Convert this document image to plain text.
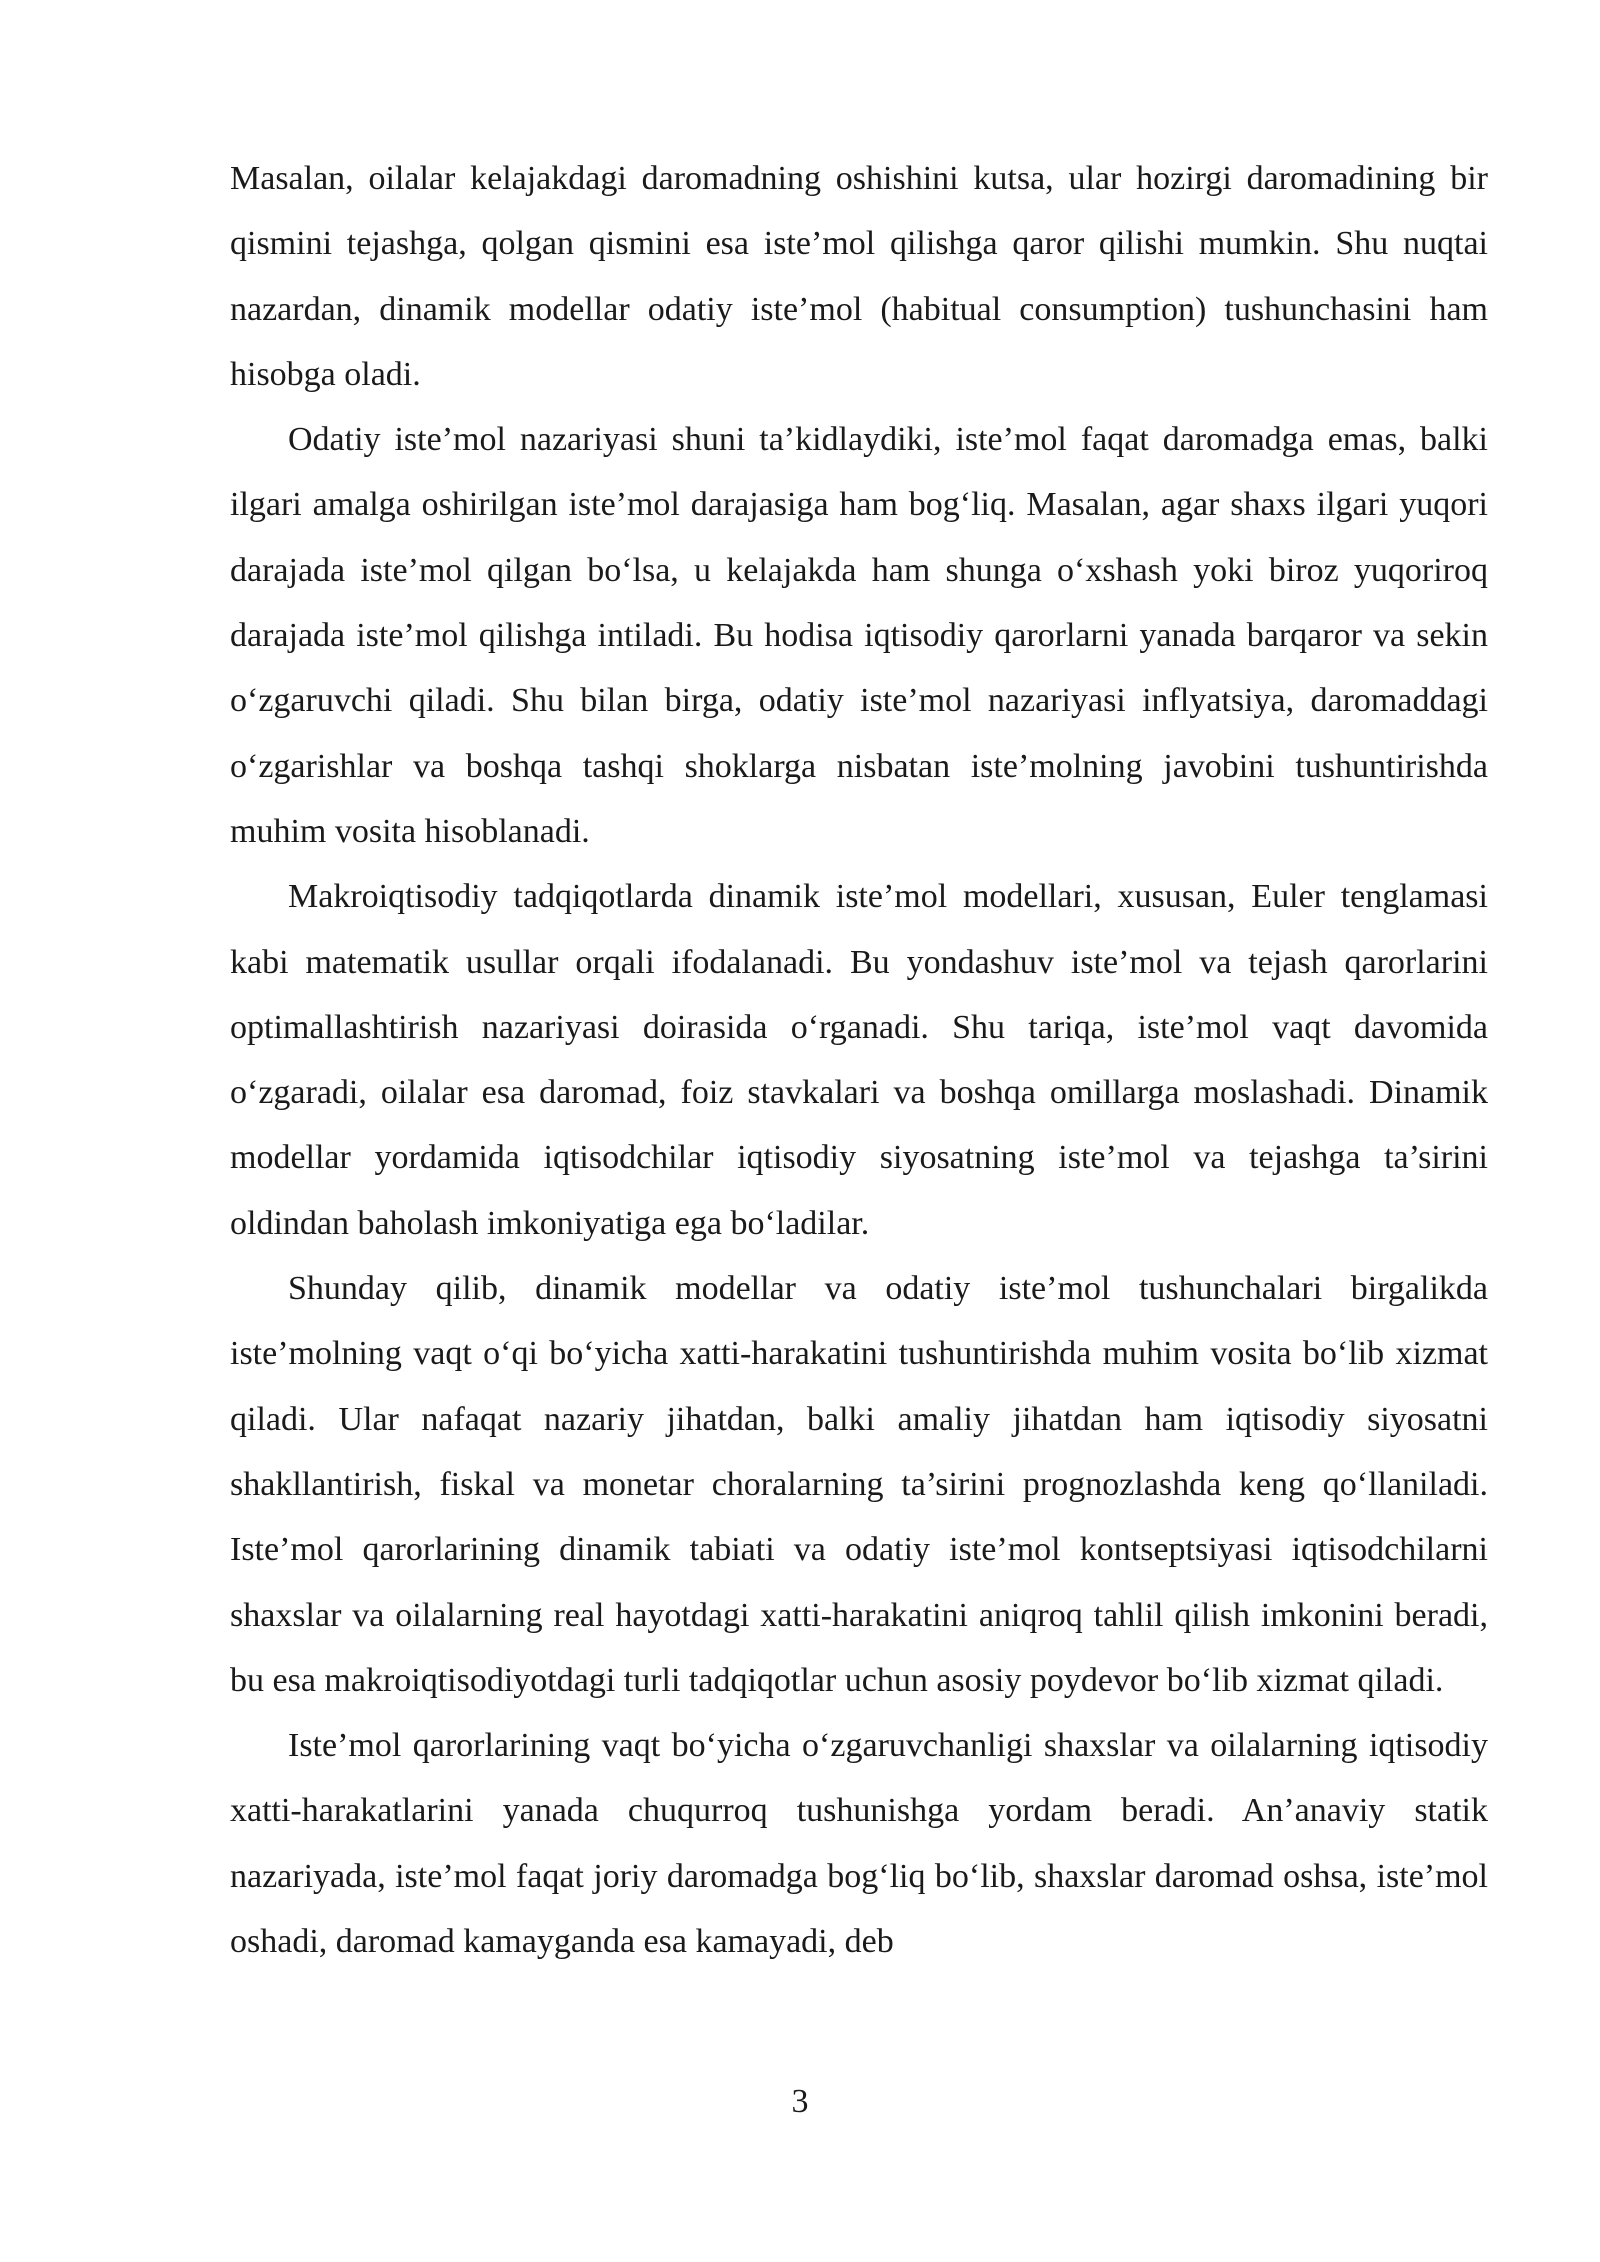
Masalan, oilalar kelajakdagi daromadning oshishini kutsa, ular hozirgi daromadining bir qismini tejashga, qolgan qismini esa iste’mol qilishga qaror qilishi mumkin. Shu nuqtai nazardan, dinamik modellar odatiy iste’mol (habitual consumption) tushunchasini ham hisobga oladi.

Odatiy iste’mol nazariyasi shuni ta’kidlaydiki, iste’mol faqat daromadga emas, balki ilgari amalga oshirilgan iste’mol darajasiga ham bog‘liq. Masalan, agar shaxs ilgari yuqori darajada iste’mol qilgan bo‘lsa, u kelajakda ham shunga o‘xshash yoki biroz yuqoriroq darajada iste’mol qilishga intiladi. Bu hodisa iqtisodiy qarorlarni yanada barqaror va sekin o‘zgaruvchi qiladi. Shu bilan birga, odatiy iste’mol nazariyasi inflyatsiya, daromaddagi o‘zgarishlar va boshqa tashqi shoklarga nisbatan iste’molning javobini tushuntirishda muhim vosita hisoblanadi.

Makroiqtisodiy tadqiqotlarda dinamik iste’mol modellari, xususan, Euler tenglamasi kabi matematik usullar orqali ifodalanadi. Bu yondashuv iste’mol va tejash qarorlarini optimallashtirish nazariyasi doirasida o‘rganadi. Shu tariqa, iste’mol vaqt davomida o‘zgaradi, oilalar esa daromad, foiz stavkalari va boshqa omillarga moslashadi. Dinamik modellar yordamida iqtisodchilar iqtisodiy siyosatning iste’mol va tejashga ta’sirini oldindan baholash imkoniyatiga ega bo‘ladilar.

Shunday qilib, dinamik modellar va odatiy iste’mol tushunchalari birgalikda iste’molning vaqt o‘qi bo‘yicha xatti-harakatini tushuntirishda muhim vosita bo‘lib xizmat qiladi. Ular nafaqat nazariy jihatdan, balki amaliy jihatdan ham iqtisodiy siyosatni shakllantirish, fiskal va monetar choralarning ta’sirini prognozlashda keng qo‘llaniladi. Iste’mol qarorlarining dinamik tabiati va odatiy iste’mol kontseptsiyasi iqtisodchilarni shaxslar va oilalarning real hayotdagi xatti-harakatini aniqroq tahlil qilish imkonini beradi, bu esa makroiqtisodiyotdagi turli tadqiqotlar uchun asosiy poydevor bo‘lib xizmat qiladi.

Iste’mol qarorlarining vaqt bo‘yicha o‘zgaruvchanligi shaxslar va oilalarning iqtisodiy xatti-harakatlarini yanada chuqurroq tushunishga yordam beradi. An’anaviy statik nazariyada, iste’mol faqat joriy daromadga bog‘liq bo‘lib, shaxslar daromad oshsa, iste’mol oshadi, daromad kamayganda esa kamayadi, deb

3
